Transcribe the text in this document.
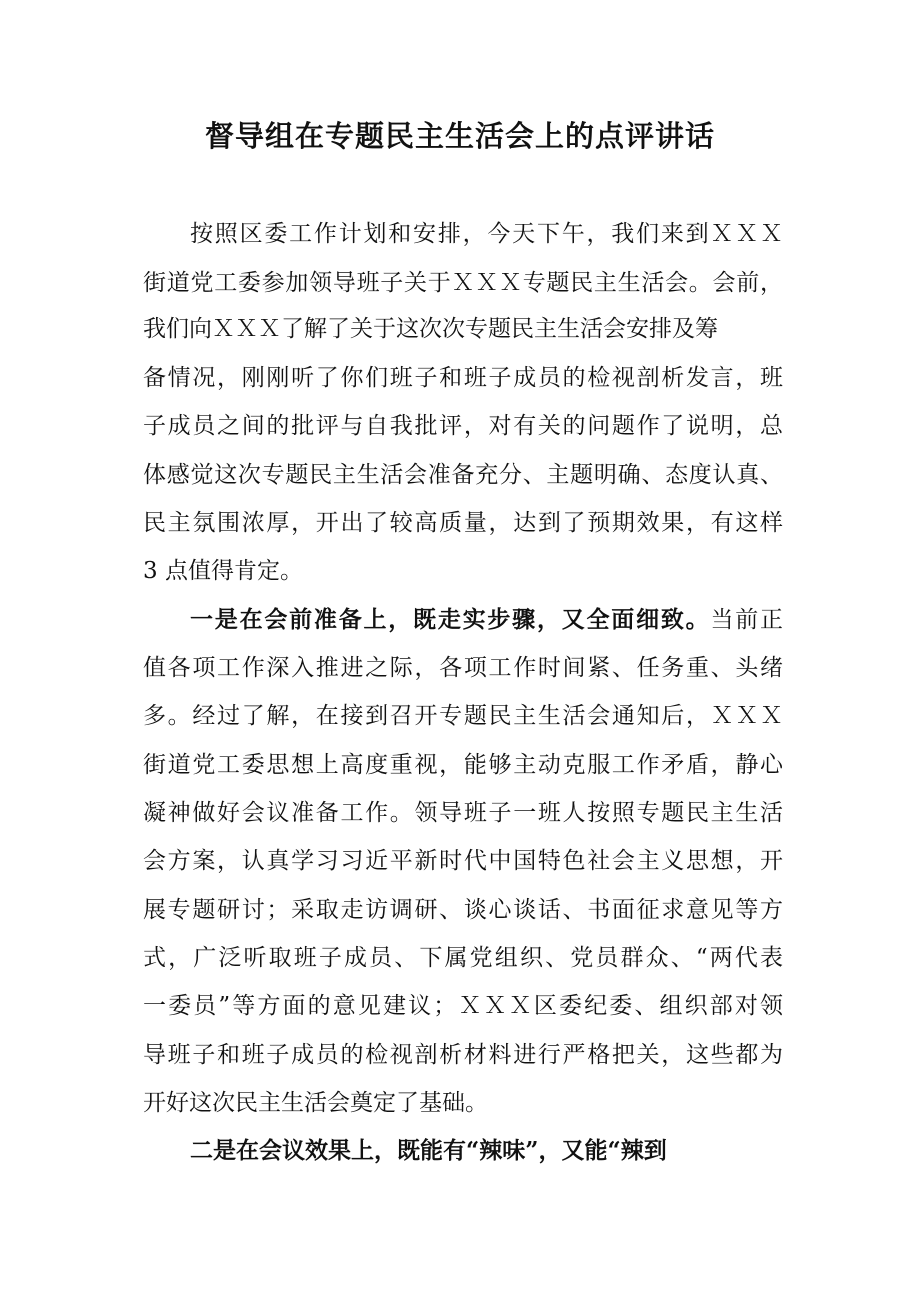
督导组在专题民主生活会上的点评讲话

按照区委工作计划和安排，今天下午，我们来到ＸＸＸ

街道党工委参加领导班子关于ＸＸＸ专题民主生活会。会前，

我们向ＸＸＸ了解了关于这次次专题民主生活会安排及筹

备情况，刚刚听了你们班子和班子成员的检视剖析发言，班

子成员之间的批评与自我批评，对有关的问题作了说明，总

体感觉这次专题民主生活会准备充分、主题明确、态度认真、

民主氛围浓厚，开出了较高质量，达到了预期效果，有这样

3 点值得肯定。

一是在会前准备上，既走实步骤，又全面细致。当前正

值各项工作深入推进之际，各项工作时间紧、任务重、头绪

多。经过了解，在接到召开专题民主生活会通知后，ＸＸＸ

街道党工委思想上高度重视，能够主动克服工作矛盾，静心

凝神做好会议准备工作。领导班子一班人按照专题民主生活

会方案，认真学习习近平新时代中国特色社会主义思想，开

展专题研讨；采取走访调研、谈心谈话、书面征求意见等方

式，广泛听取班子成员、下属党组织、党员群众、“两代表

一委员”等方面的意见建议；ＸＸＸ区委纪委、组织部对领

导班子和班子成员的检视剖析材料进行严格把关，这些都为

开好这次民主生活会奠定了基础。

二是在会议效果上，既能有“辣味”，又能“辣到
